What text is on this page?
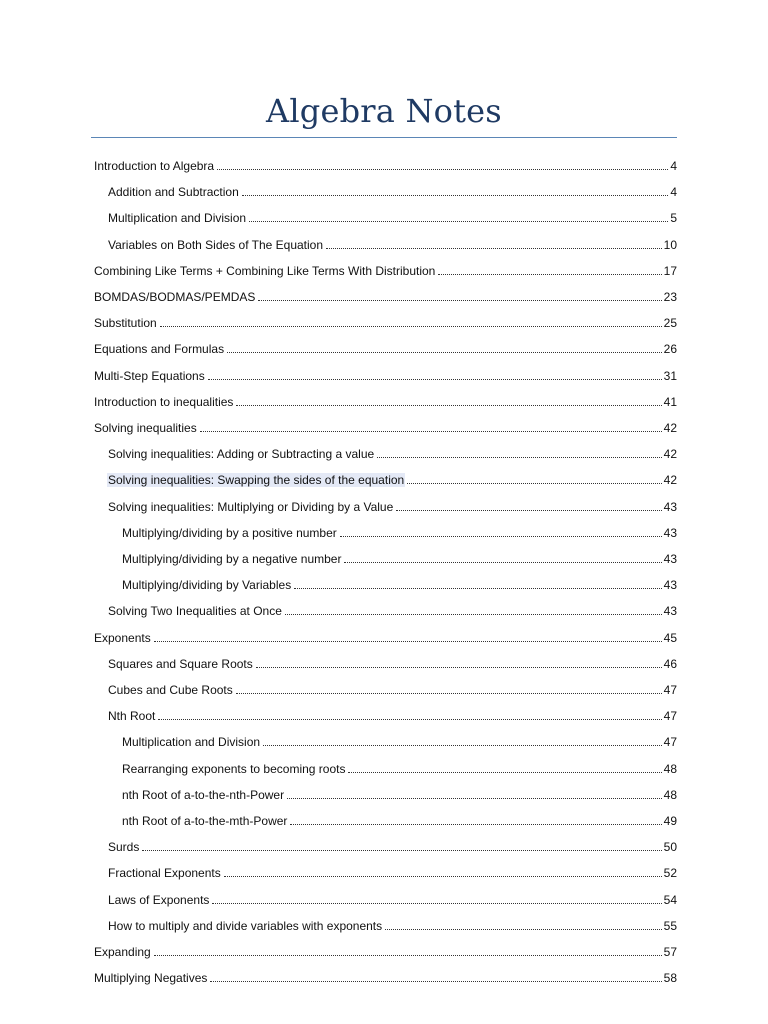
Algebra Notes
Introduction to Algebra	4
Addition and Subtraction	4
Multiplication and Division	5
Variables on Both Sides of The Equation	10
Combining Like Terms + Combining Like Terms With Distribution	17
BOMDAS/BODMAS/PEMDAS	23
Substitution	25
Equations and Formulas	26
Multi-Step Equations	31
Introduction to inequalities	41
Solving inequalities	42
Solving inequalities: Adding or Subtracting a value	42
Solving inequalities: Swapping the sides of the equation	42
Solving inequalities: Multiplying or Dividing by a Value	43
Multiplying/dividing by a positive number	43
Multiplying/dividing by a negative number	43
Multiplying/dividing by Variables	43
Solving Two Inequalities at Once	43
Exponents	45
Squares and Square Roots	46
Cubes and Cube Roots	47
Nth Root	47
Multiplication and Division	47
Rearranging exponents to becoming roots	48
nth Root of a-to-the-nth-Power	48
nth Root of a-to-the-mth-Power	49
Surds	50
Fractional Exponents	52
Laws of Exponents	54
How to multiply and divide variables with exponents	55
Expanding	57
Multiplying Negatives	58
